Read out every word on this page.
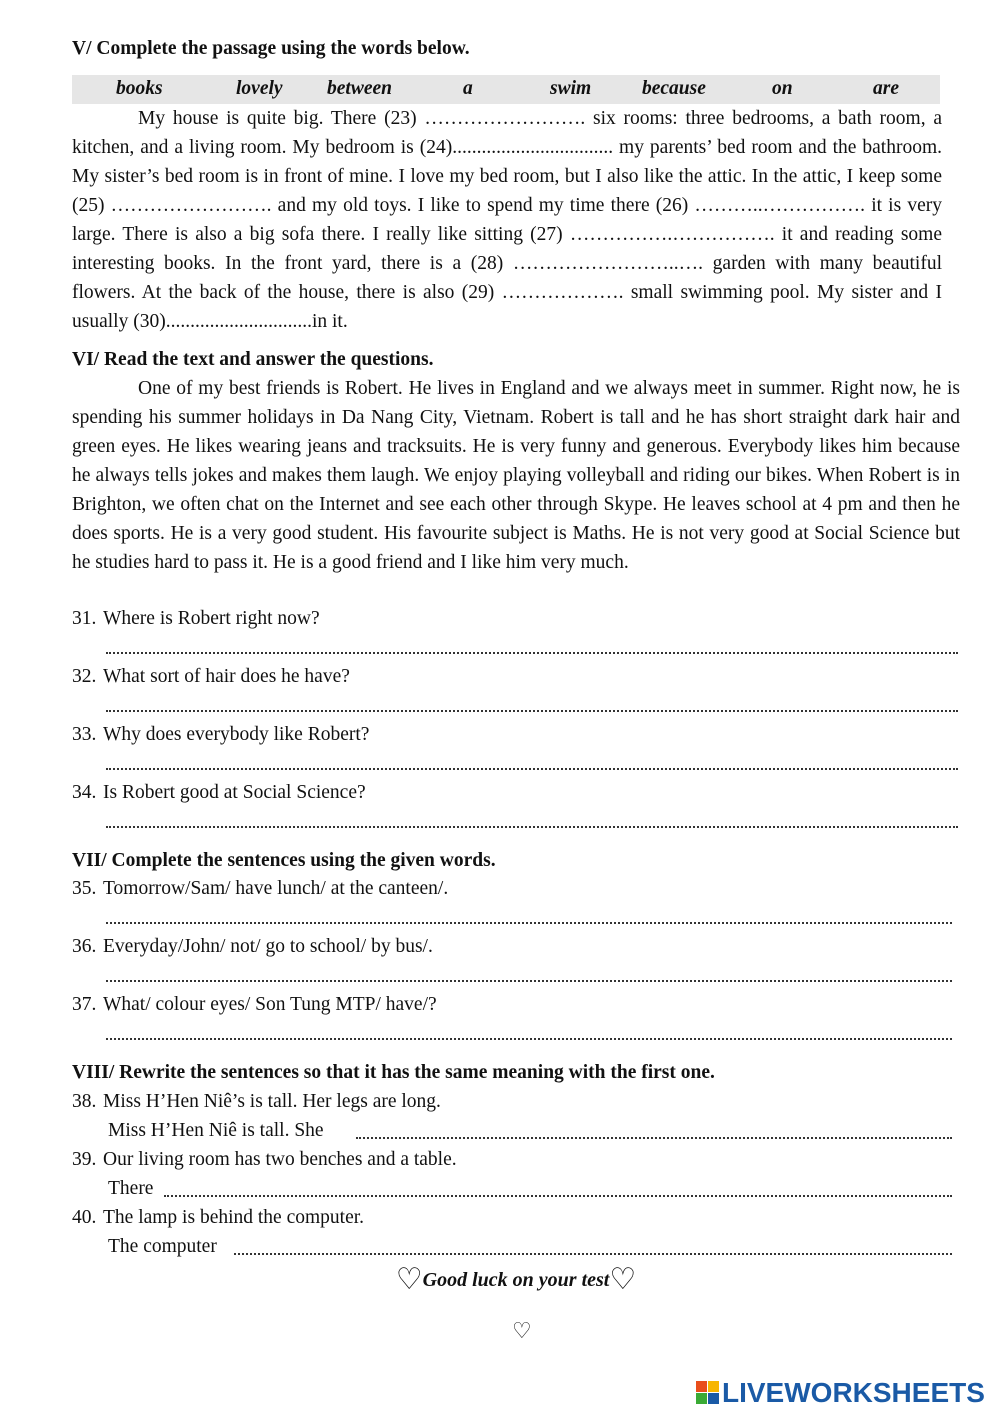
V/ Complete the passage using the words below.
books	lovely between	a	swim	because	on	are

My house is quite big. There (23) ……………………. six rooms: three bedrooms, a bath room, a kitchen, and a living room. My bedroom is (24)................................. my parents’ bed room and the bathroom. My sister’s bed room is in front of mine. I love my bed room, but I also like the attic. In the attic, I keep some (25) ……………………. and my old toys. I like to spend my time there (26) ………..……………. it is very large. There is also a big sofa there. I really like sitting (27) …………….……………. it and reading some interesting books. In the front yard, there is a (28) ……………………..…. garden with many beautiful flowers. At the back of the house, there is also (29) ………………. small swimming pool. My sister and I usually (30)..............................in it.

VI/ Read the text and answer the questions.

One of my best friends is Robert. He lives in England and we always meet in summer. Right now, he is spending his summer holidays in Da Nang City, Vietnam. Robert is tall and he has short straight dark hair and green eyes. He likes wearing jeans and tracksuits. He is very funny and generous. Everybody likes him because he always tells jokes and makes them laugh. We enjoy playing volleyball and riding our bikes. When Robert is in Brighton, we often chat on the Internet and see each other through Skype. He leaves school at 4 pm and then he does sports. He is a very good student. His favourite subject is Maths. He is not very good at Social Science but he studies hard to pass it. He is a good friend and I like him very much.

31. Where is Robert right now?
32. What sort of hair does he have?
33. Why does everybody like Robert?
34. Is Robert good at Social Science?
VII/ Complete the sentences using the given words.
35. Tomorrow/Sam/ have lunch/ at the canteen/.
36. Everyday/John/ not/ go to school/ by bus/.
37. What/ colour eyes/ Son Tung MTP/ have/?
VIII/ Rewrite the sentences so that it has the same meaning with the first one.
38. Miss H’Hen Niê’s is tall. Her legs are long.
Miss H’Hen Niê is tall. She
39. Our living room has two benches and a table.
There
40. The lamp is behind the computer.
The computer
♡Good luck on your test♡
♡
LIVEWORKSHEETS
